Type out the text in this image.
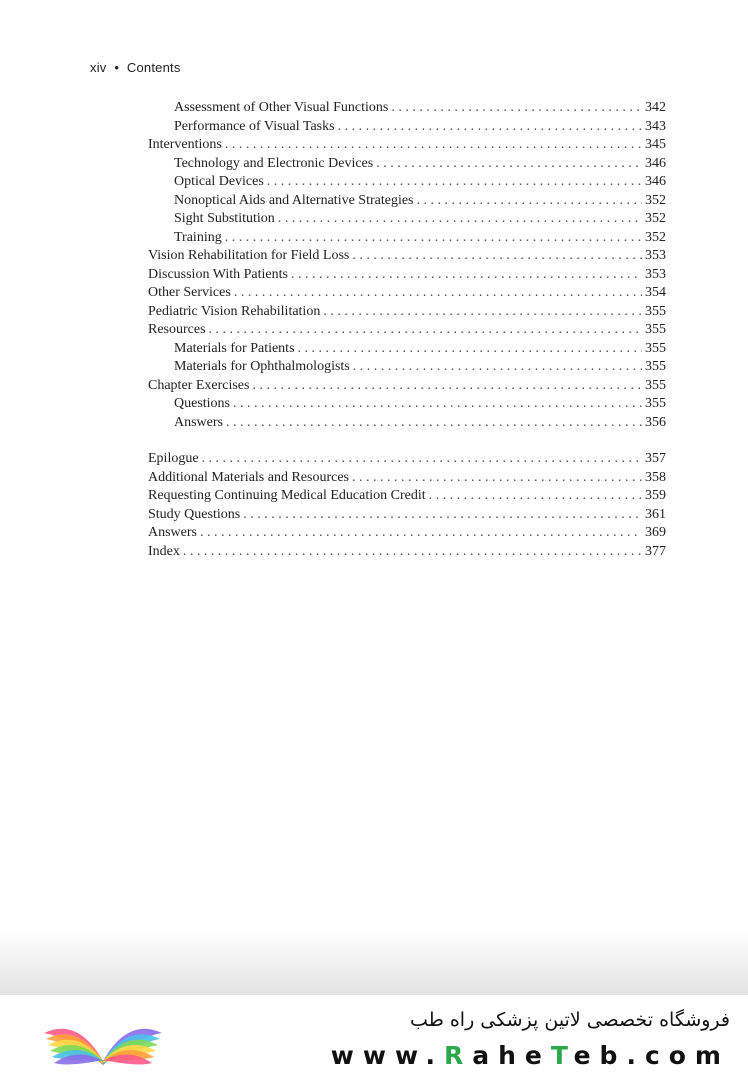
xiv • Contents
Assessment of Other Visual Functions . . .	342
Performance of Visual Tasks . . .	343
Interventions . . .	345
Technology and Electronic Devices . . .	346
Optical Devices . . .	346
Nonoptical Aids and Alternative Strategies . . .	352
Sight Substitution . . .	352
Training . . .	352
Vision Rehabilitation for Field Loss . . .	353
Discussion With Patients . . .	353
Other Services . . .	354
Pediatric Vision Rehabilitation . . .	355
Resources . . .	355
Materials for Patients . . .	355
Materials for Ophthalmologists . . .	355
Chapter Exercises . . .	355
Questions . . .	355
Answers . . .	356
Epilogue . . .	357
Additional Materials and Resources . . .	358
Requesting Continuing Medical Education Credit . . .	359
Study Questions . . .	361
Answers . . .	369
Index . . .	377
فروشگاه تخصصی لاتین پزشکی راه طب
www.RaheTeb.com
